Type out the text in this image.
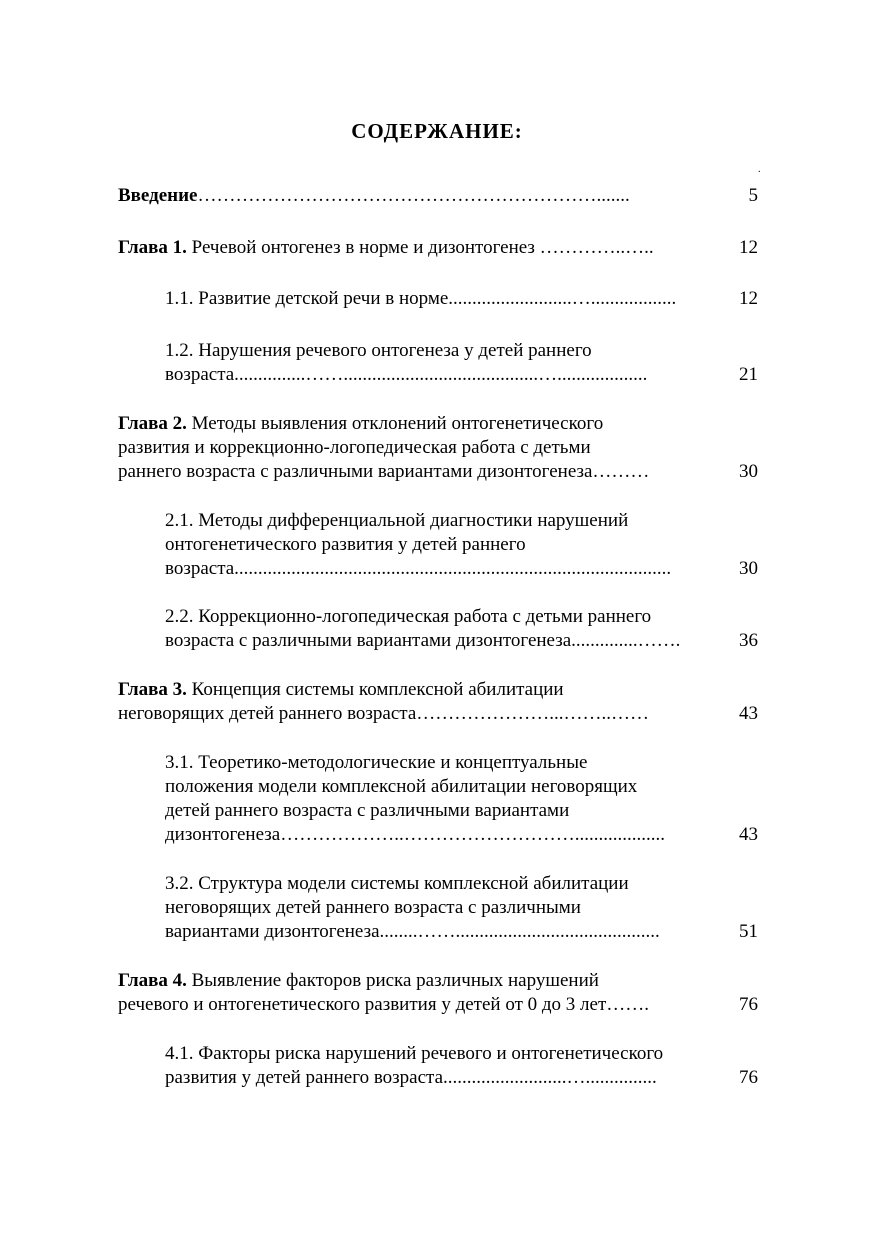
СОДЕРЖАНИЕ:
.
Введение……………………………………………………….......	5
Глава 1. Речевой онтогенез в норме и дизонтогенез …………..…..	12
1.1. Развитие детской речи в норме..........................…..................	12
1.2. Нарушения речевого онтогенеза у детей раннего
возраста...............…….........................................…...................	21
Глава 2. Методы выявления отклонений онтогенетического
развития и коррекционно-логопедическая работа с детьми
раннего возраста с различными вариантами дизонтогенеза………	30
2.1. Методы дифференциальной диагностики нарушений
онтогенетического развития у детей раннего
возраста............................................................................................	30
2.2. Коррекционно-логопедическая работа с детьми раннего
возраста с различными вариантами дизонтогенеза..............…….	36
Глава 3. Концепция системы комплексной абилитации
неговорящих детей раннего возраста…………………...……..……	43
3.1. Теоретико-методологические и концептуальные
положения модели комплексной абилитации неговорящих
детей раннего возраста с различными вариантами
дизонтогенеза………………..………………………...................	43
3.2. Структура модели системы комплексной абилитации
неговорящих детей раннего возраста с различными
вариантами дизонтогенеза........……...........................................	51
Глава 4. Выявление факторов риска различных нарушений
речевого и онтогенетического развития у детей от 0 до 3 лет…….	76
4.1. Факторы риска нарушений речевого и онтогенетического
развития у детей раннего возраста..........................…...............	76
